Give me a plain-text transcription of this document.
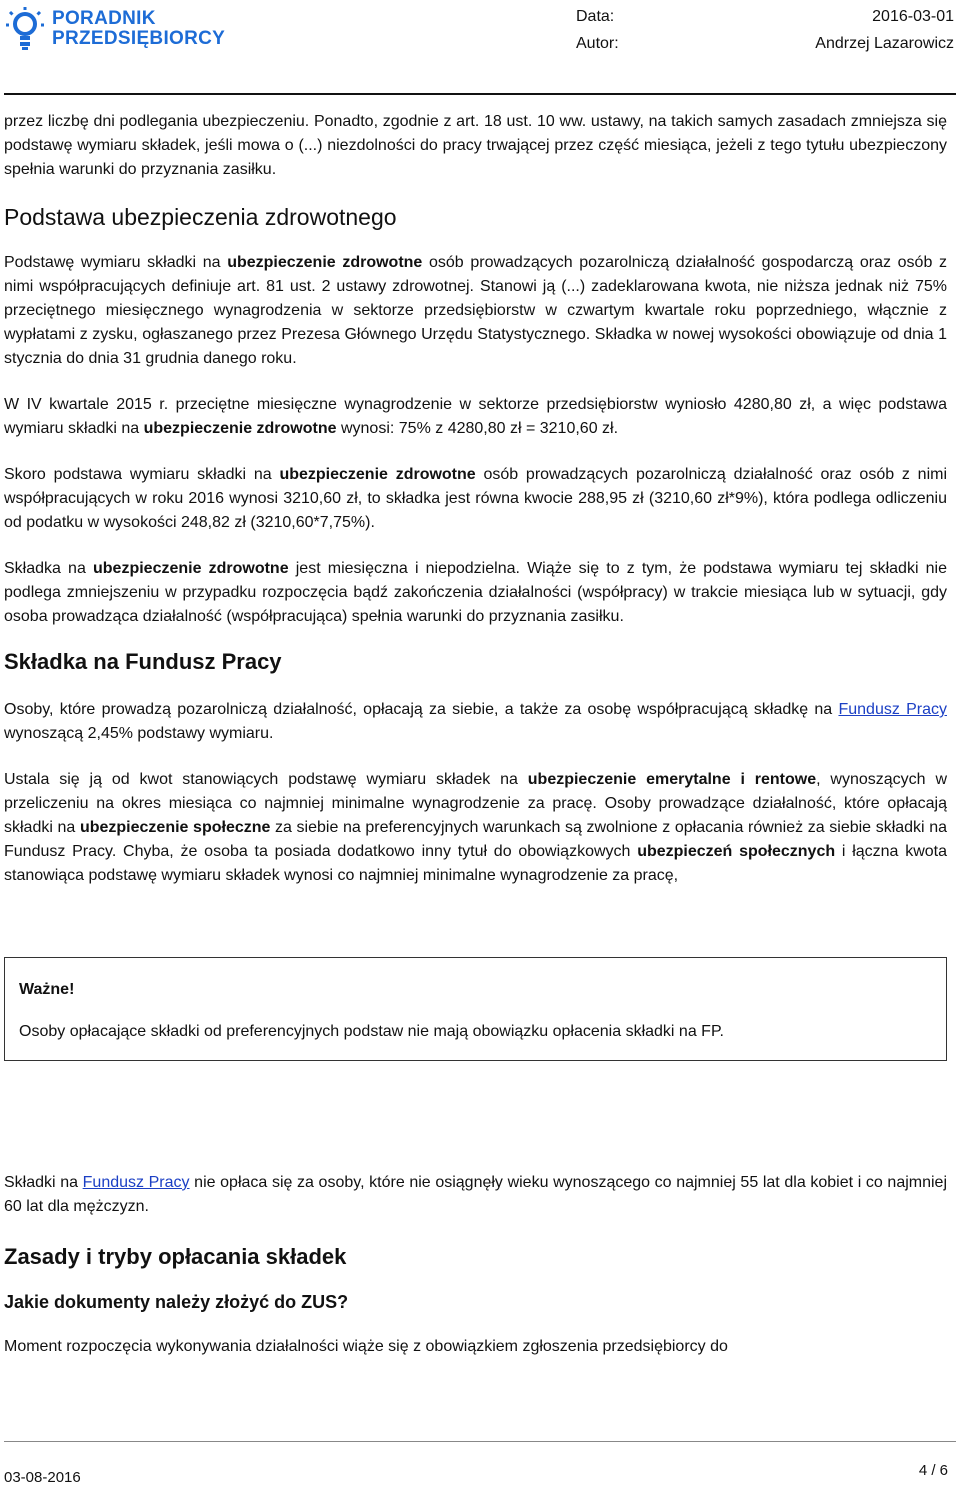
PORADNIK
PRZEDSIĘBIORCY
Data:	2016-03-01
Autor:	Andrzej Lazarowicz

przez liczbę dni podlegania ubezpieczeniu. Ponadto, zgodnie z art. 18 ust. 10 ww. ustawy, na takich samych zasadach zmniejsza się podstawę wymiaru składek, jeśli mowa o (...) niezdolności do pracy trwającej przez część miesiąca, jeżeli z tego tytułu ubezpieczony spełnia warunki do przyznania zasiłku.

Podstawa ubezpieczenia zdrowotnego

Podstawę wymiaru składki na ubezpieczenie zdrowotne osób prowadzących pozarolniczą działalność gospodarczą oraz osób z nimi współpracujących definiuje art. 81 ust. 2 ustawy zdrowotnej. Stanowi ją (...) zadeklarowana kwota, nie niższa jednak niż 75% przeciętnego miesięcznego wynagrodzenia w sektorze przedsiębiorstw w czwartym kwartale roku poprzedniego, włącznie z wypłatami z zysku, ogłaszanego przez Prezesa Głównego Urzędu Statystycznego. Składka w nowej wysokości obowiązuje od dnia 1 stycznia do dnia 31 grudnia danego roku.

W IV kwartale 2015 r. przeciętne miesięczne wynagrodzenie w sektorze przedsiębiorstw wyniosło 4280,80 zł, a więc podstawa wymiaru składki na ubezpieczenie zdrowotne wynosi: 75% z 4280,80 zł = 3210,60 zł.

Skoro podstawa wymiaru składki na ubezpieczenie zdrowotne osób prowadzących pozarolniczą działalność oraz osób z nimi współpracujących w roku 2016 wynosi 3210,60 zł, to składka jest równa kwocie 288,95 zł (3210,60 zł*9%), która podlega odliczeniu od podatku w wysokości 248,82 zł (3210,60*7,75%).

Składka na ubezpieczenie zdrowotne jest miesięczna i niepodzielna. Wiąże się to z tym, że podstawa wymiaru tej składki nie podlega zmniejszeniu w przypadku rozpoczęcia bądź zakończenia działalności (współpracy) w trakcie miesiąca lub w sytuacji, gdy osoba prowadząca działalność (współpracująca) spełnia warunki do przyznania zasiłku.

Składka na Fundusz Pracy

Osoby, które prowadzą pozarolniczą działalność, opłacają za siebie, a także za osobę współpracującą składkę na Fundusz Pracy wynoszącą 2,45% podstawy wymiaru.

Ustala się ją od kwot stanowiących podstawę wymiaru składek na ubezpieczenie emerytalne i rentowe, wynoszących w przeliczeniu na okres miesiąca co najmniej minimalne wynagrodzenie za pracę. Osoby prowadzące działalność, które opłacają składki na ubezpieczenie społeczne za siebie na preferencyjnych warunkach są zwolnione z opłacania również za siebie składki na Fundusz Pracy. Chyba, że osoba ta posiada dodatkowo inny tytuł do obowiązkowych ubezpieczeń społecznych i łączna kwota stanowiąca podstawę wymiaru składek wynosi co najmniej minimalne wynagrodzenie za pracę,

Ważne!

Osoby opłacające składki od preferencyjnych podstaw nie mają obowiązku opłacenia składki na FP.

Składki na Fundusz Pracy nie opłaca się za osoby, które nie osiągnęły wieku wynoszącego co najmniej 55 lat dla kobiet i co najmniej 60 lat dla mężczyzn.

Zasady i tryby opłacania składek
Jakie dokumenty należy złożyć do ZUS?

Moment rozpoczęcia wykonywania działalności wiąże się z obowiązkiem zgłoszenia przedsiębiorcy do

03-08-2016	4 / 6
